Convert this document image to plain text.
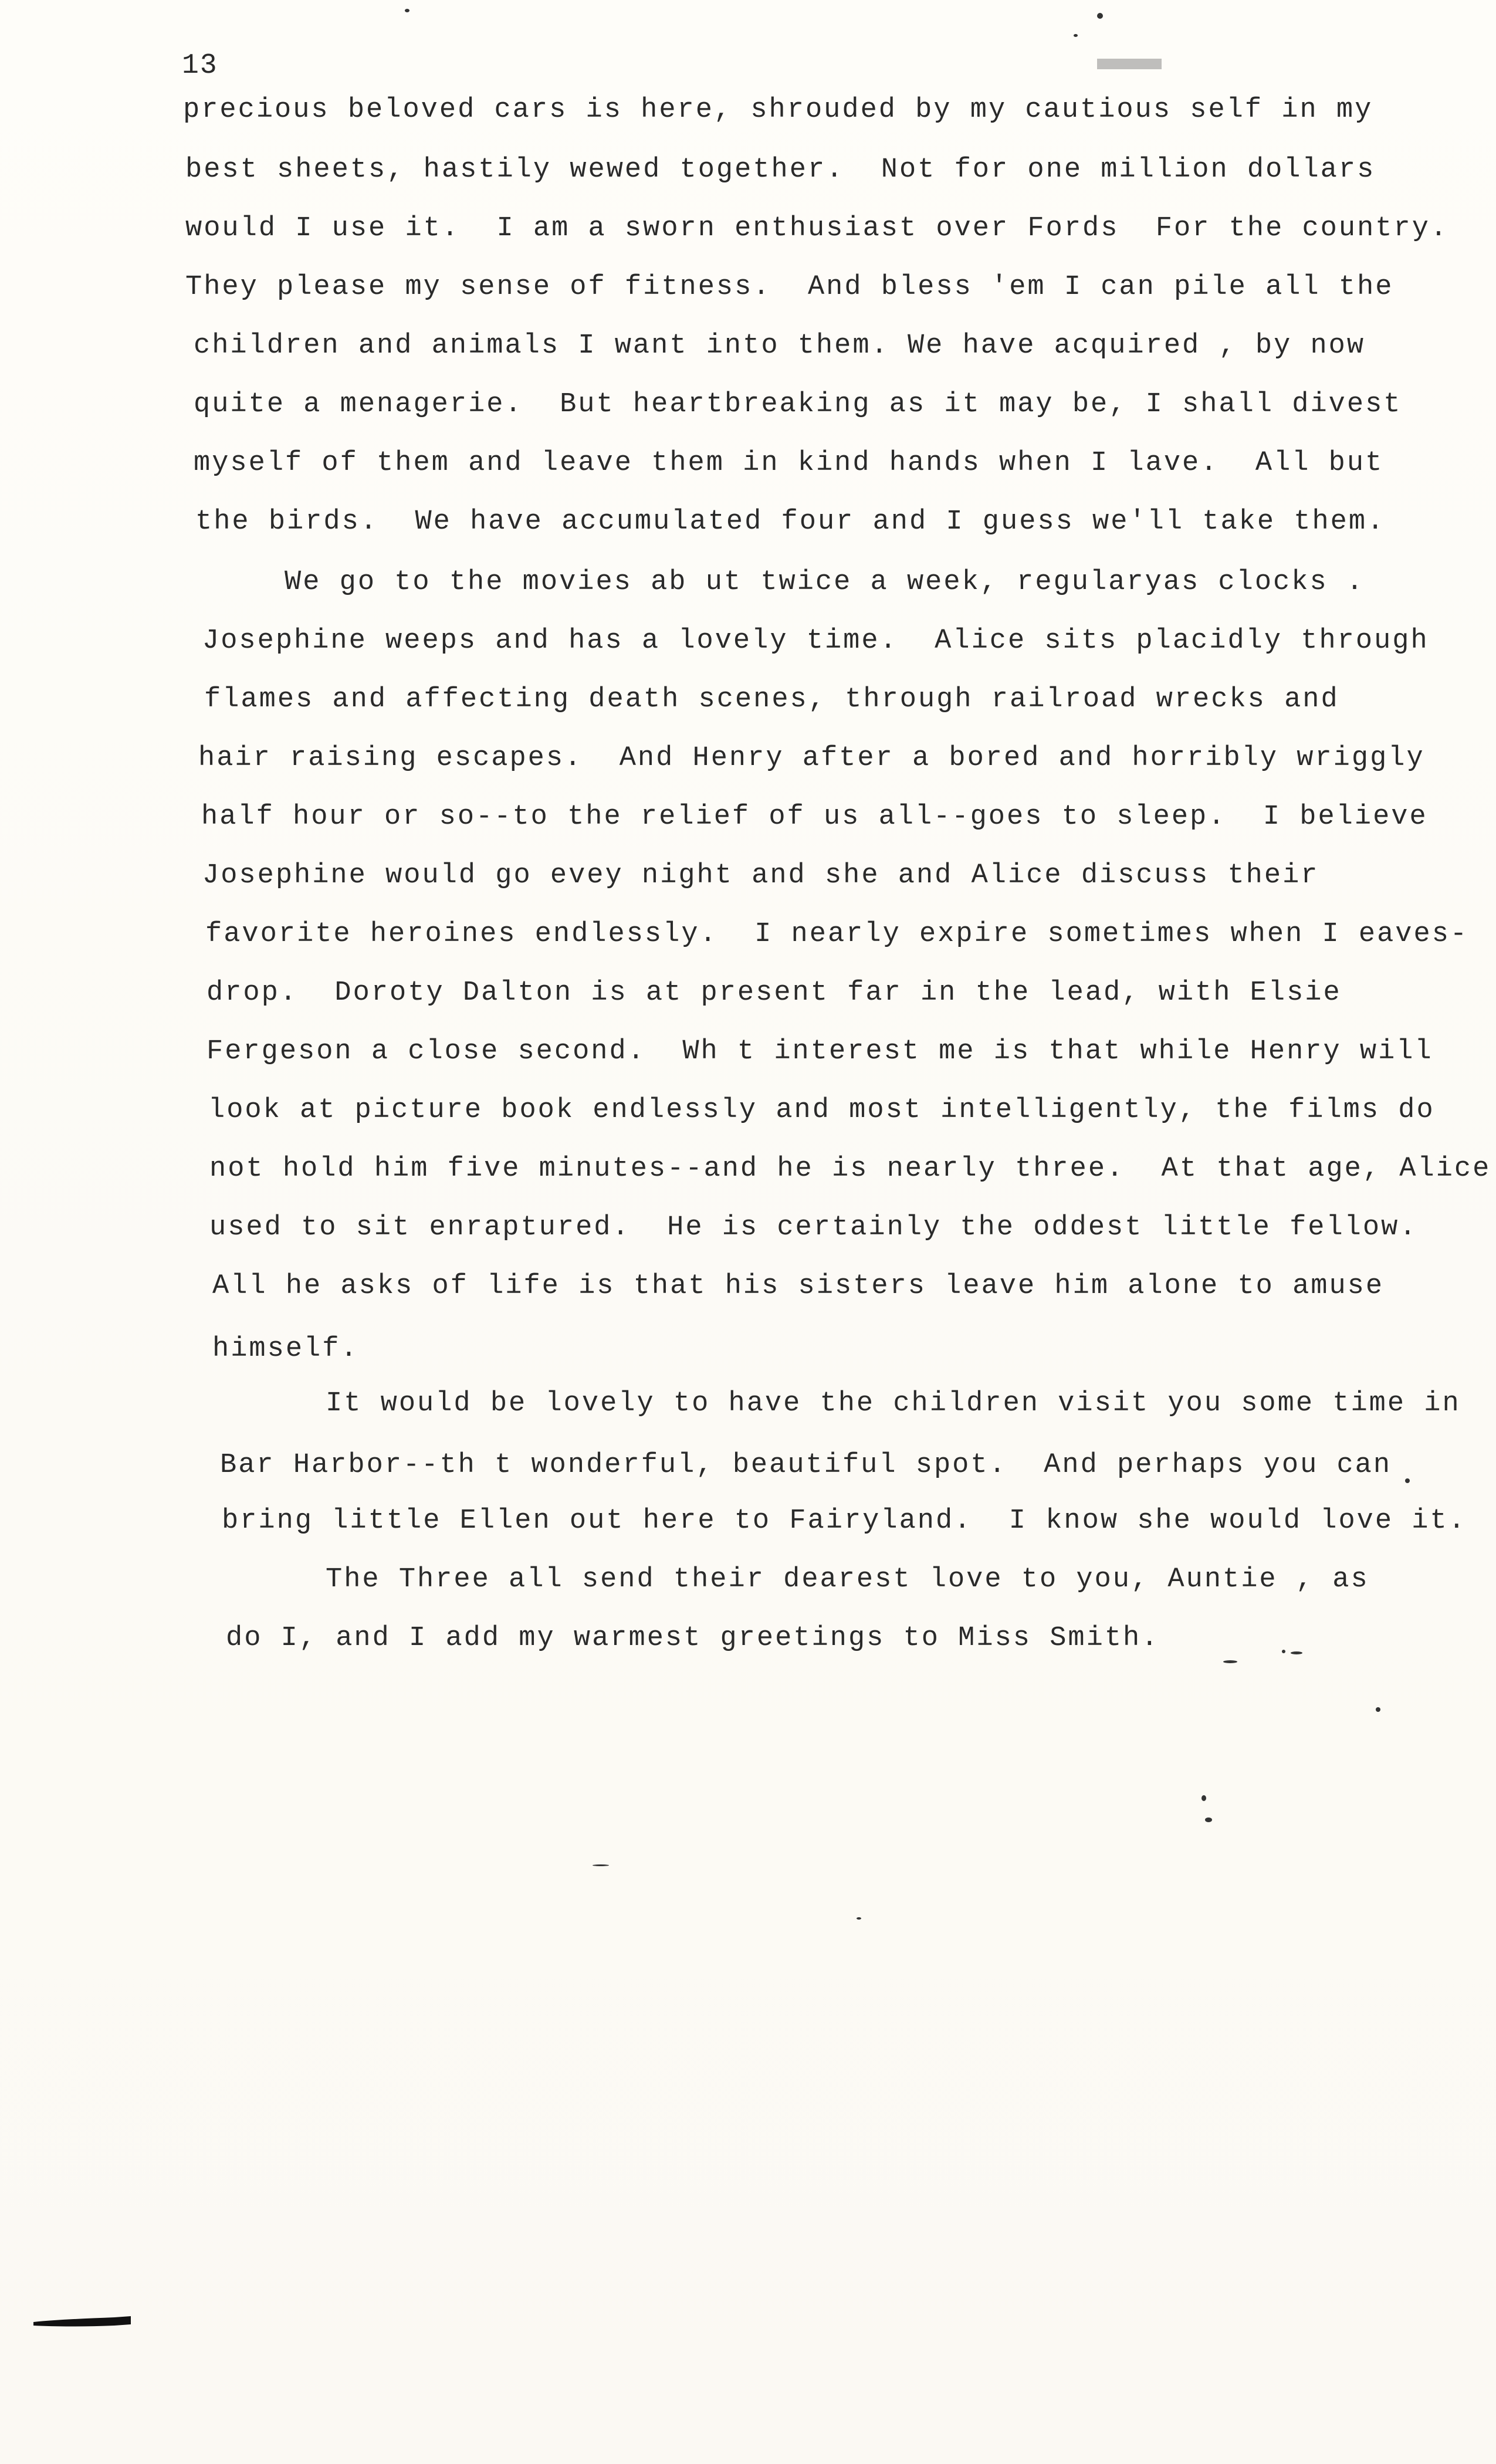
13
precious beloved cars is here, shrouded by my cautious self in my
best sheets, hastily wewed together.  Not for one million dollars
would I use it.  I am a sworn enthusiast over Fords  For the country.
They please my sense of fitness.  And bless 'em I can pile all the
children and animals I want into them. We have acquired , by now
quite a menagerie.  But heartbreaking as it may be, I shall divest
myself of them and leave them in kind hands when I lave.  All but
the birds.  We have accumulated four and I guess we'll take them.
We go to the movies ab ut twice a week, regularyas clocks .
Josephine weeps and has a lovely time.  Alice sits placidly through
flames and affecting death scenes, through railroad wrecks and
hair raising escapes.  And Henry after a bored and horribly wriggly
half hour or so--to the relief of us all--goes to sleep.  I believe
Josephine would go evey night and she and Alice discuss their
favorite heroines endlessly.  I nearly expire sometimes when I eaves-
drop.  Doroty Dalton is at present far in the lead, with Elsie
Fergeson a close second.  Wh t interest me is that while Henry will
look at picture book endlessly and most intelligently, the films do
not hold him five minutes--and he is nearly three.  At that age, Alice
used to sit enraptured.  He is certainly the oddest little fellow.
All he asks of life is that his sisters leave him alone to amuse
himself.
It would be lovely to have the children visit you some time in
Bar Harbor--th t wonderful, beautiful spot.  And perhaps you can
bring little Ellen out here to Fairyland.  I know she would love it.
The Three all send their dearest love to you, Auntie , as
do I, and I add my warmest greetings to Miss Smith.
